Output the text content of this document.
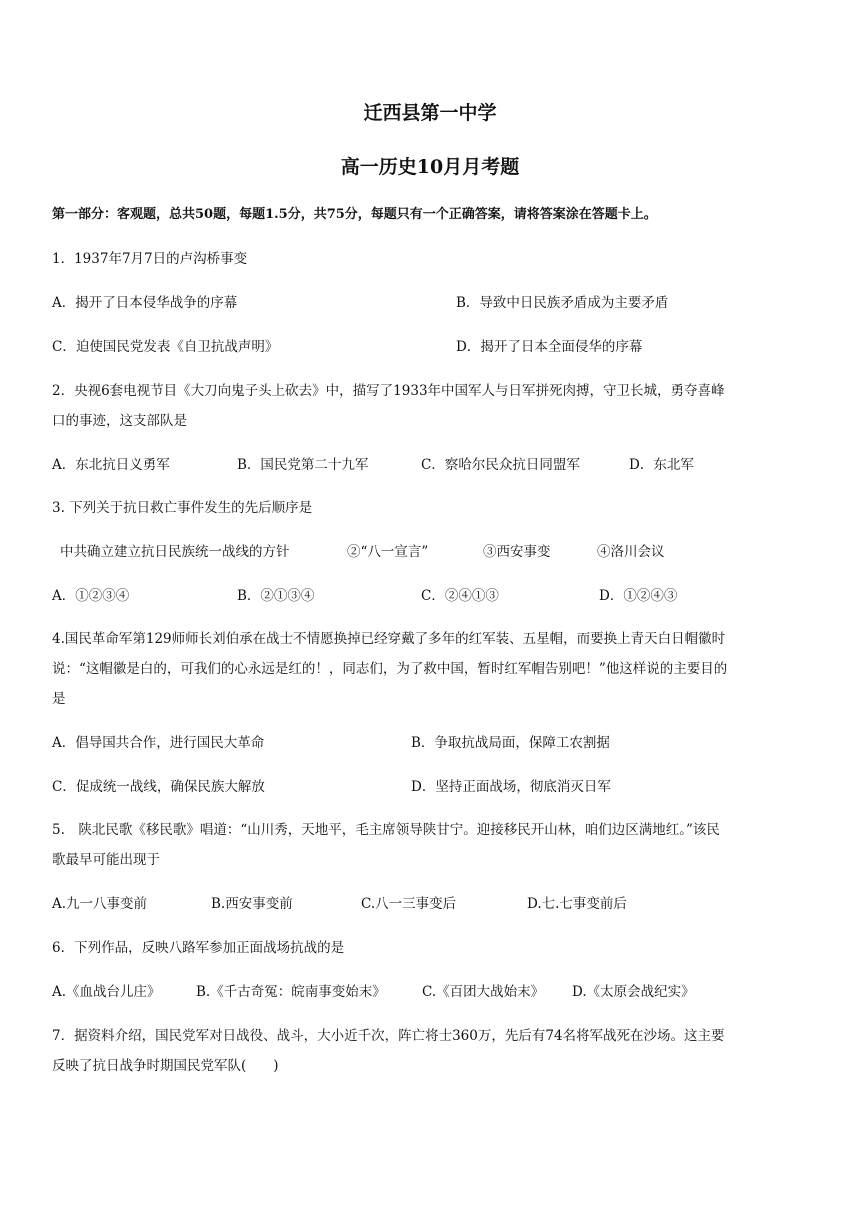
迁西县第一中学
高一历史10月月考题
第一部分：客观题，总共50题，每题1.5分，共75分，每题只有一个正确答案，请将答案涂在答题卡上。
1．1937年7月7日的卢沟桥事变
A．揭开了日本侵华战争的序幕	B．导致中日民族矛盾成为主要矛盾
C．迫使国民党发表《自卫抗战声明》	D．揭开了日本全面侵华的序幕
2．央视6套电视节目《大刀向鬼子头上砍去》中，描写了1933年中国军人与日军拼死肉搏，守卫长城，勇夺喜峰
口的事迹，这支部队是
A．东北抗日义勇军	B．国民党第二十九军	C．察哈尔民众抗日同盟军	D．东北军
3. 下列关于抗日救亡事件发生的先后顺序是
中共确立建立抗日民族统一战线的方针	②“八一宣言”	③西安事变	④洛川会议
A．①②③④	B．②①③④	C．②④①③	D．①②④③
4.国民革命军第129师师长刘伯承在战士不情愿换掉已经穿戴了多年的红军装、五星帽，而要换上青天白日帽徽时
说：“这帽徽是白的，可我们的心永远是红的！，同志们，为了救中国，暂时红军帽告别吧！”他这样说的主要目的
是
A．倡导国共合作，进行国民大革命	B．争取抗战局面，保障工农割据
C．促成统一战线，确保民族大解放	D．坚持正面战场，彻底消灭日军
5.　陕北民歌《移民歌》唱道：“山川秀，天地平，毛主席领导陕甘宁。迎接移民开山林，咱们边区满地红。”该民
歌最早可能出现于
A.九一八事变前	B.西安事变前	C.八一三事变后	D.七.七事变前后
6．下列作品，反映八路军参加正面战场抗战的是
A.《血战台儿庄》	B.《千古奇冤：皖南事变始末》	C.《百团大战始末》 D.《太原会战纪实》
7．据资料介绍，国民党军对日战役、战斗，大小近千次，阵亡将士360万，先后有74名将军战死在沙场。这主要
反映了抗日战争时期国民党军队(　　)
